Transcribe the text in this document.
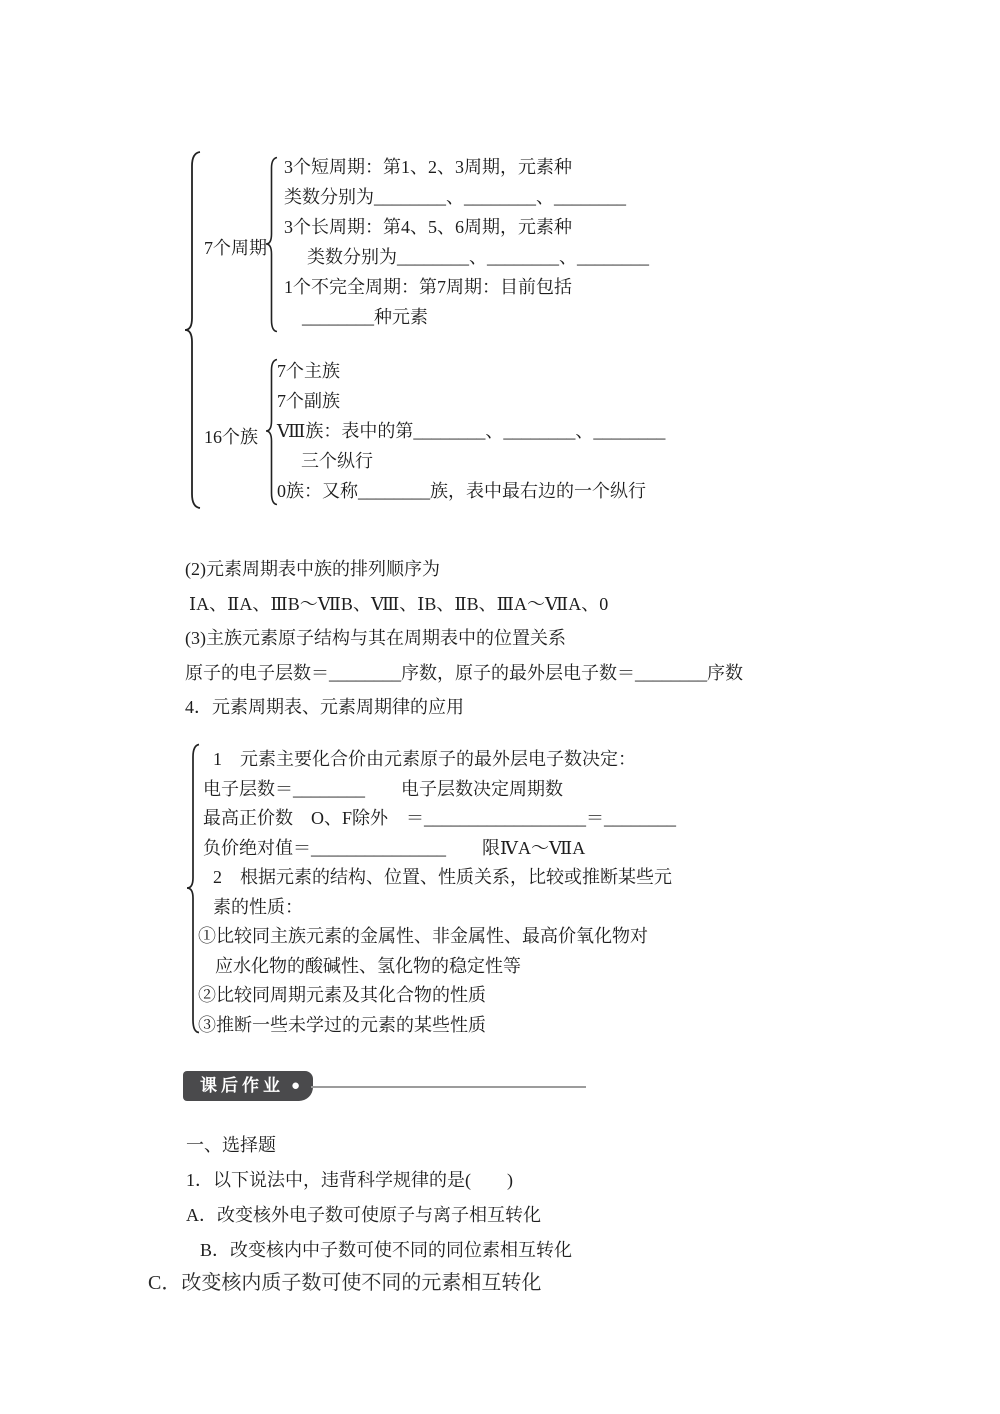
7个周期
3个短周期：第1、2、3周期，元素种
类数分别为________、________、________
3个长周期：第4、5、6周期，元素种
类数分别为________、________、________
1个不完全周期：第7周期：目前包括
________种元素
16个族
7个主族
7个副族
Ⅷ族：表中的第________、________、________
三个纵行
0族：又称________族，表中最右边的一个纵行
(2)元素周期表中族的排列顺序为
ⅠA、ⅡA、ⅢB～ⅦB、Ⅷ、ⅠB、ⅡB、ⅢA～ⅦA、0
(3)主族元素原子结构与其在周期表中的位置关系
原子的电子层数＝________序数，原子的最外层电子数＝________序数
4．元素周期表、元素周期律的应用
1　元素主要化合价由元素原子的最外层电子数决定：
电子层数＝________　　电子层数决定周期数
最高正价数　O、F除外　＝__________________＝________
负价绝对值＝_______________　　限ⅣA～ⅦA
2　根据元素的结构、位置、性质关系，比较或推断某些元
素的性质：
①比较同主族元素的金属性、非金属性、最高价氧化物对
应水化物的酸碱性、氢化物的稳定性等
②比较同周期元素及其化合物的性质
③推断一些未学过的元素的某些性质
课后作业 ●
一、选择题
1．以下说法中，违背科学规律的是(　　)
A．改变核外电子数可使原子与离子相互转化
B．改变核内中子数可使不同的同位素相互转化
C．改变核内质子数可使不同的元素相互转化
